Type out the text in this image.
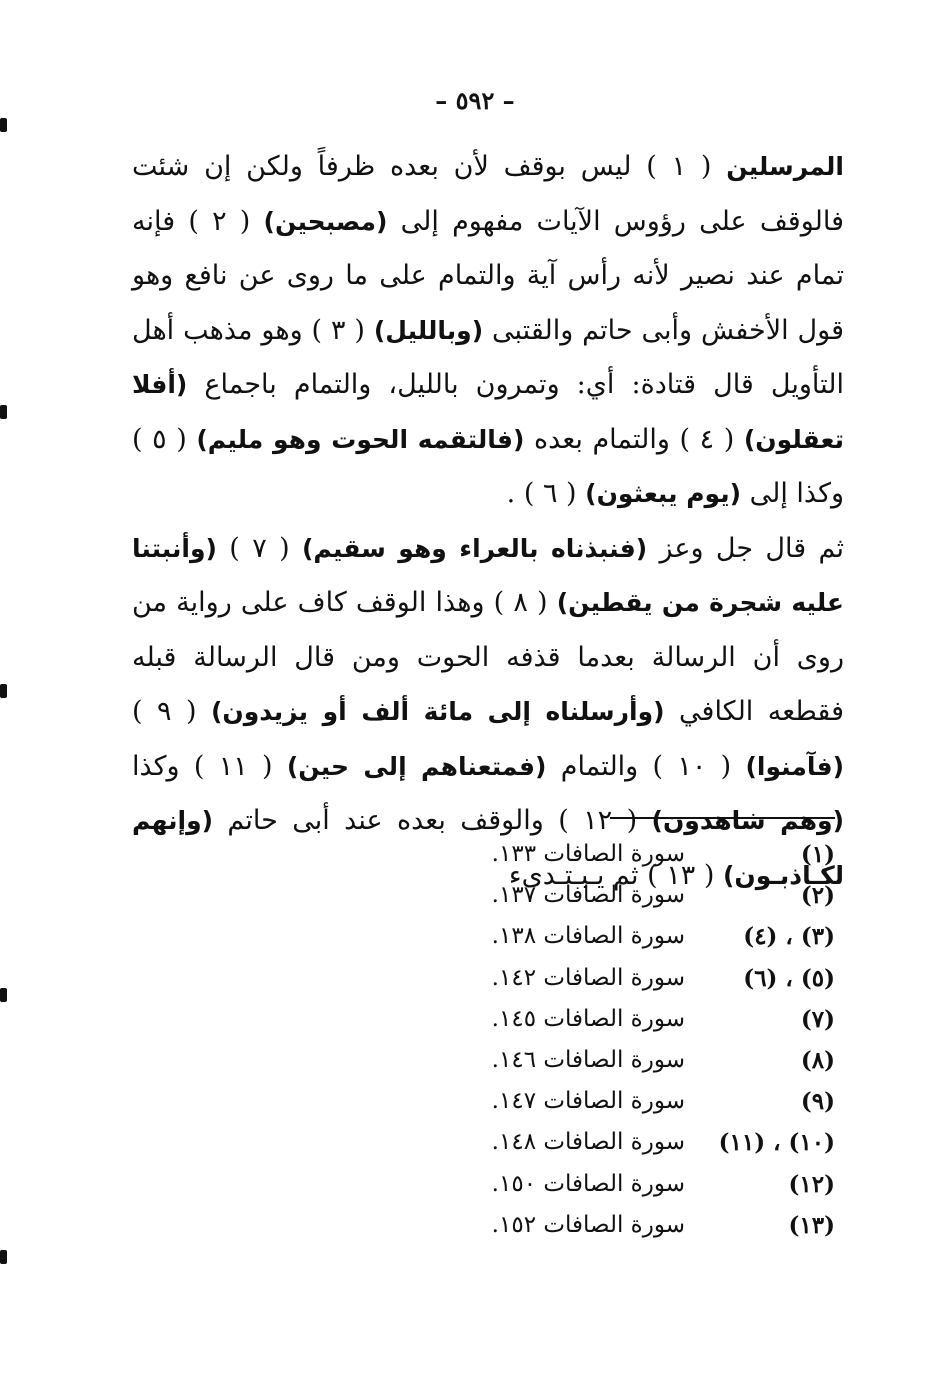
– ٥٩٢ –

المرسلين ( ١ ) ليس بوقف لأن بعده ظرفاً ولكن إن شئت فالوقف على رؤوس الآيات مفهوم إلى (مصبحين) ( ٢ ) فإنه تمام عند نصير لأنه رأس آية والتمام على ما روى عن نافع وهو قول الأخفش وأبى حاتم والقتبى (وبالليل) ( ٣ ) وهو مذهب أهل التأويل قال قتادة: أي: وتمرون بالليل، والتمام باجماع (أفلا تعقلون) ( ٤ ) والتمام بعده (فالتقمه الحوت وهو مليم) ( ٥ ) وكذا إلى (يوم يبعثون) ( ٦ ) .

ثم قال جل وعز (فنبذناه بالعراء وهو سقيم) ( ٧ ) (وأنبتنا عليه شجرة من يقطين) ( ٨ ) وهذا الوقف كاف على رواية من روى أن الرسالة بعدما قذفه الحوت ومن قال الرسالة قبله فقطعه الكافي (وأرسلناه إلى مائة ألف أو يزيدون) ( ٩ ) (فآمنوا) ( ١٠ ) والتمام (فمتعناهم إلى حين) ( ١١ ) وكذا (وهم شاهدون) ( ١٢ ) والوقف بعده عند أبى حاتم (وإنهم لكـاذبـون) ( ١٣ ) ثم يـبـتـدىء

(١)
سورة الصافات ١٣٣.
(٢)
سورة الصافات ١٣٧.
(٣) ، (٤)
سورة الصافات ١٣٨.
(٥) ، (٦)
سورة الصافات ١٤٢.
(٧)
سورة الصافات ١٤٥.
(٨)
سورة الصافات ١٤٦.
(٩)
سورة الصافات ١٤٧.
(١٠) ، (١١)
سورة الصافات ١٤٨.
(١٢)
سورة الصافات ١٥٠.
(١٣)
سورة الصافات ١٥٢.
